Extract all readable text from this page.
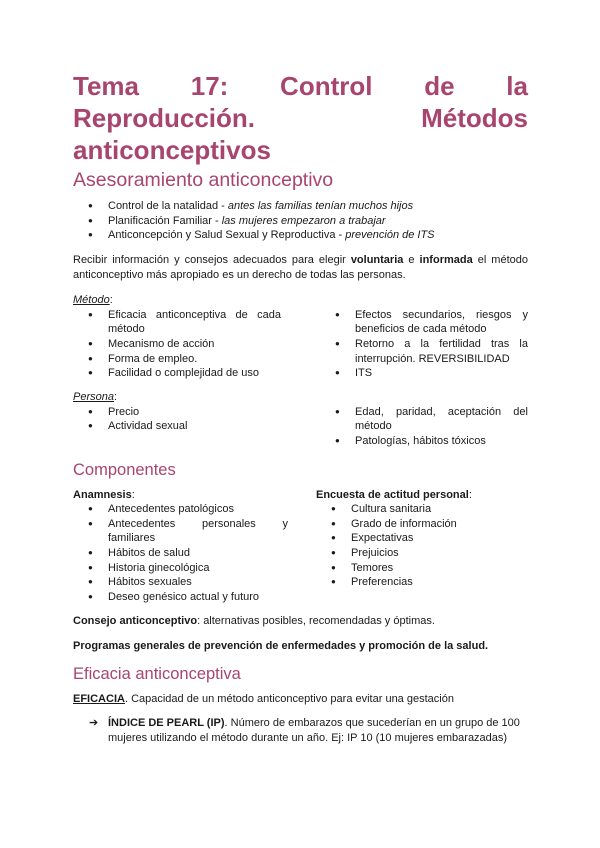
Tema 17: Control de la
Reproducción.	Métodos
anticonceptivos
Asesoramiento anticonceptivo
● Control de la natalidad - antes las familias tenían muchos hijos
● Planificación Familiar - las mujeres empezaron a trabajar
● Anticoncepción y Salud Sexual y Reproductiva - prevención de ITS

Recibir información y consejos adecuados para elegir voluntaria e informada el método anticonceptivo más apropiado es un derecho de todas las personas.

Método:
● Eficacia anticonceptiva de cada método
● Mecanismo de acción
● Forma de empleo.
● Facilidad o complejidad de uso
● Efectos secundarios, riesgos y beneficios de cada método
● Retorno a la fertilidad tras la interrupción. REVERSIBILIDAD
● ITS
Persona:
● Precio
● Actividad sexual
● Edad, paridad, aceptación del método
● Patologías, hábitos tóxicos
Componentes
Anamnesis:
● Antecedentes patológicos
● Antecedentes personales y familiares
● Hábitos de salud
● Historia ginecológica
● Hábitos sexuales
● Deseo genésico actual y futuro
Encuesta de actitud personal:
● Cultura sanitaria
● Grado de información
● Expectativas
● Prejuicios
● Temores
● Preferencias

Consejo anticonceptivo: alternativas posibles, recomendadas y óptimas.

Programas generales de prevención de enfermedades y promoción de la salud.

Eficacia anticonceptiva

EFICACIA. Capacidad de un método anticonceptivo para evitar una gestación

➔ ÍNDICE DE PEARL (IP). Número de embarazos que sucederían en un grupo de 100 mujeres utilizando el método durante un año. Ej: IP 10 (10 mujeres embarazadas)
